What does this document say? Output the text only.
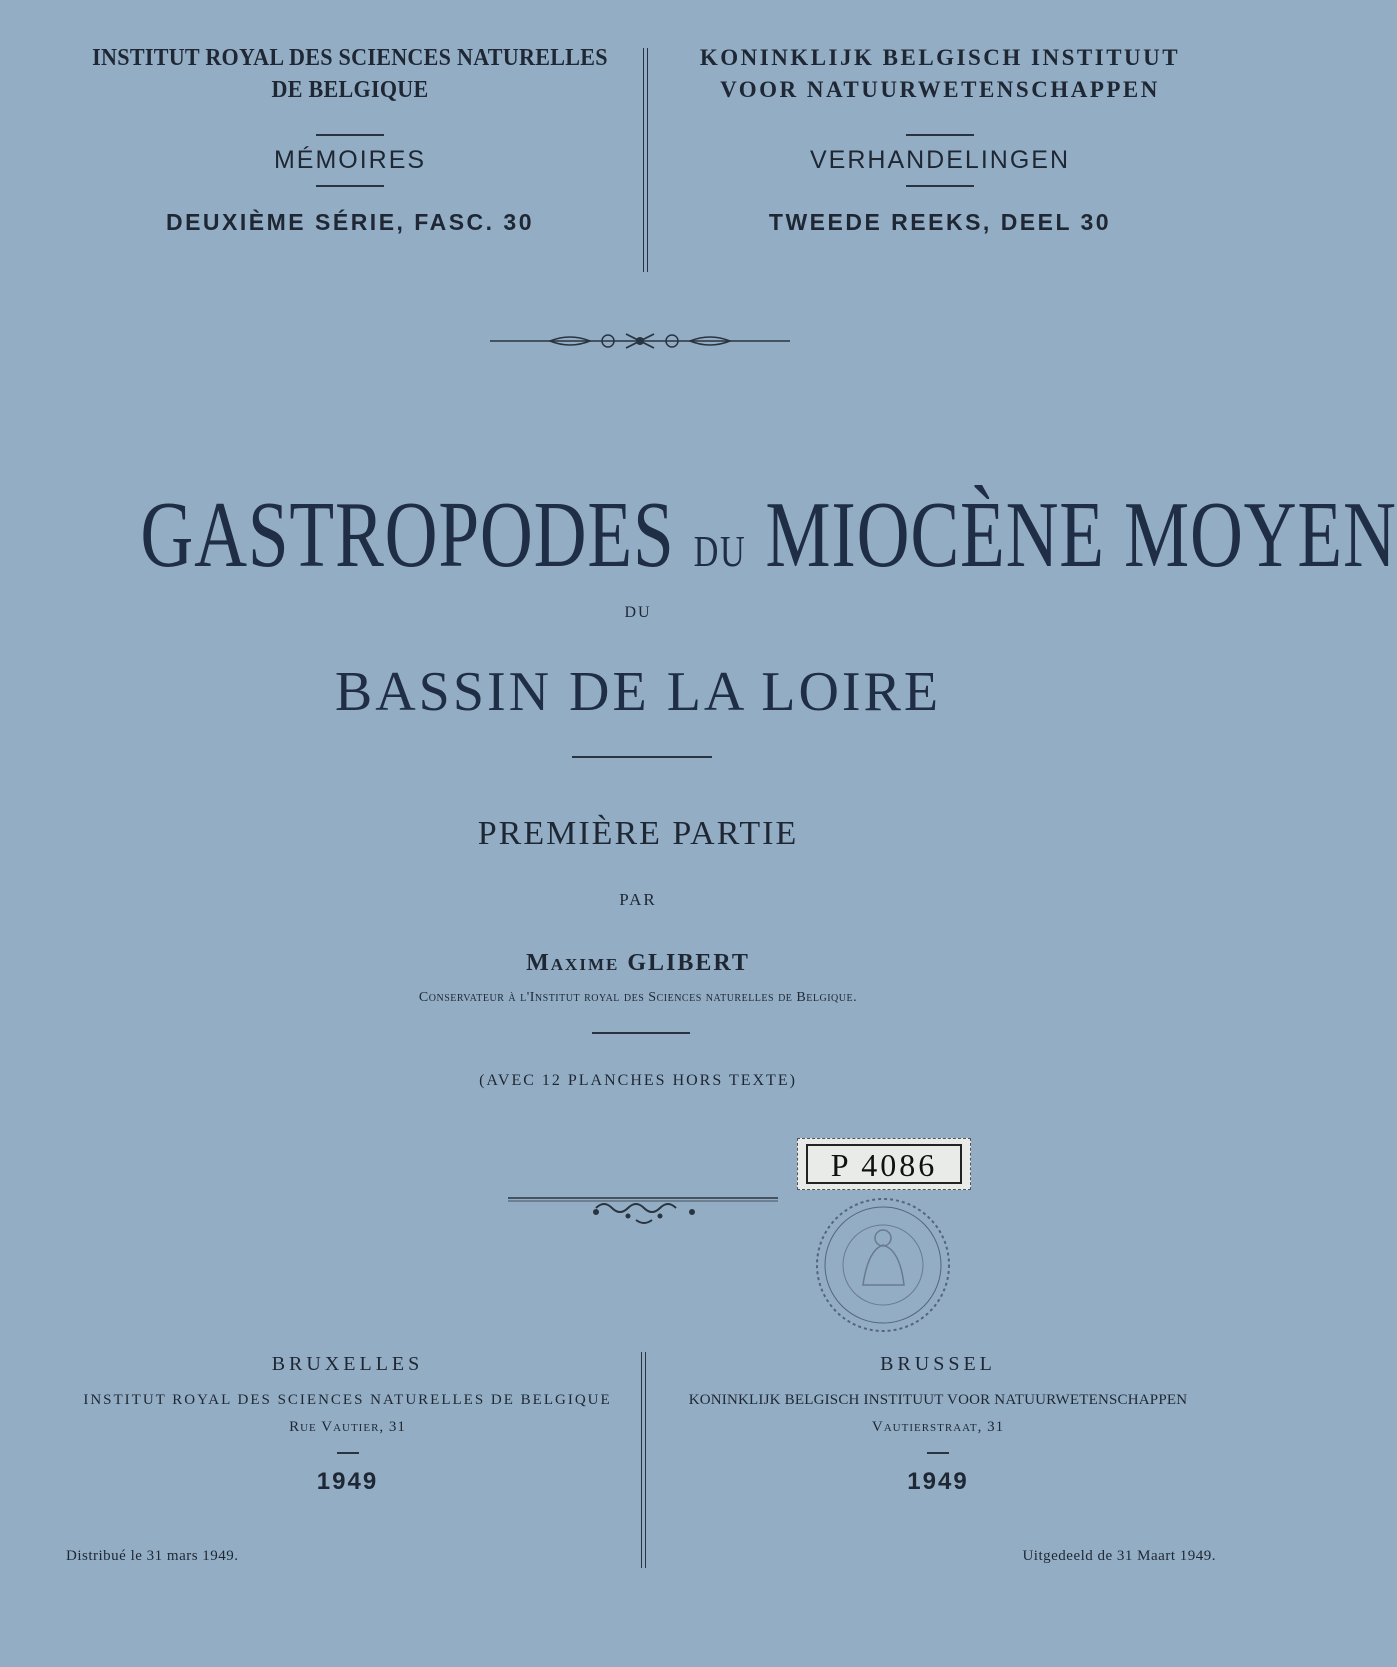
INSTITUT ROYAL DES SCIENCES NATURELLES
DE BELGIQUE
MÉMOIRES
DEUXIÈME SÉRIE, FASC. 30
KONINKLIJK BELGISCH INSTITUUT
VOOR NATUURWETENSCHAPPEN
VERHANDELINGEN
TWEEDE REEKS, DEEL 30
GASTROPODES DU MIOCÈNE MOYEN
DU
BASSIN DE LA LOIRE
PREMIÈRE PARTIE
PAR
Maxime GLIBERT
Conservateur à l'Institut royal des Sciences naturelles de Belgique.
(AVEC 12 PLANCHES HORS TEXTE)
P 4086
BRUXELLES
INSTITUT ROYAL DES SCIENCES NATURELLES DE BELGIQUE
Rue Vautier, 31
1949
BRUSSEL
KONINKLIJK BELGISCH INSTITUUT VOOR NATUURWETENSCHAPPEN
Vautierstraat, 31
1949
Distribué le 31 mars 1949.	Uitgedeeld de 31 Maart 1949.
